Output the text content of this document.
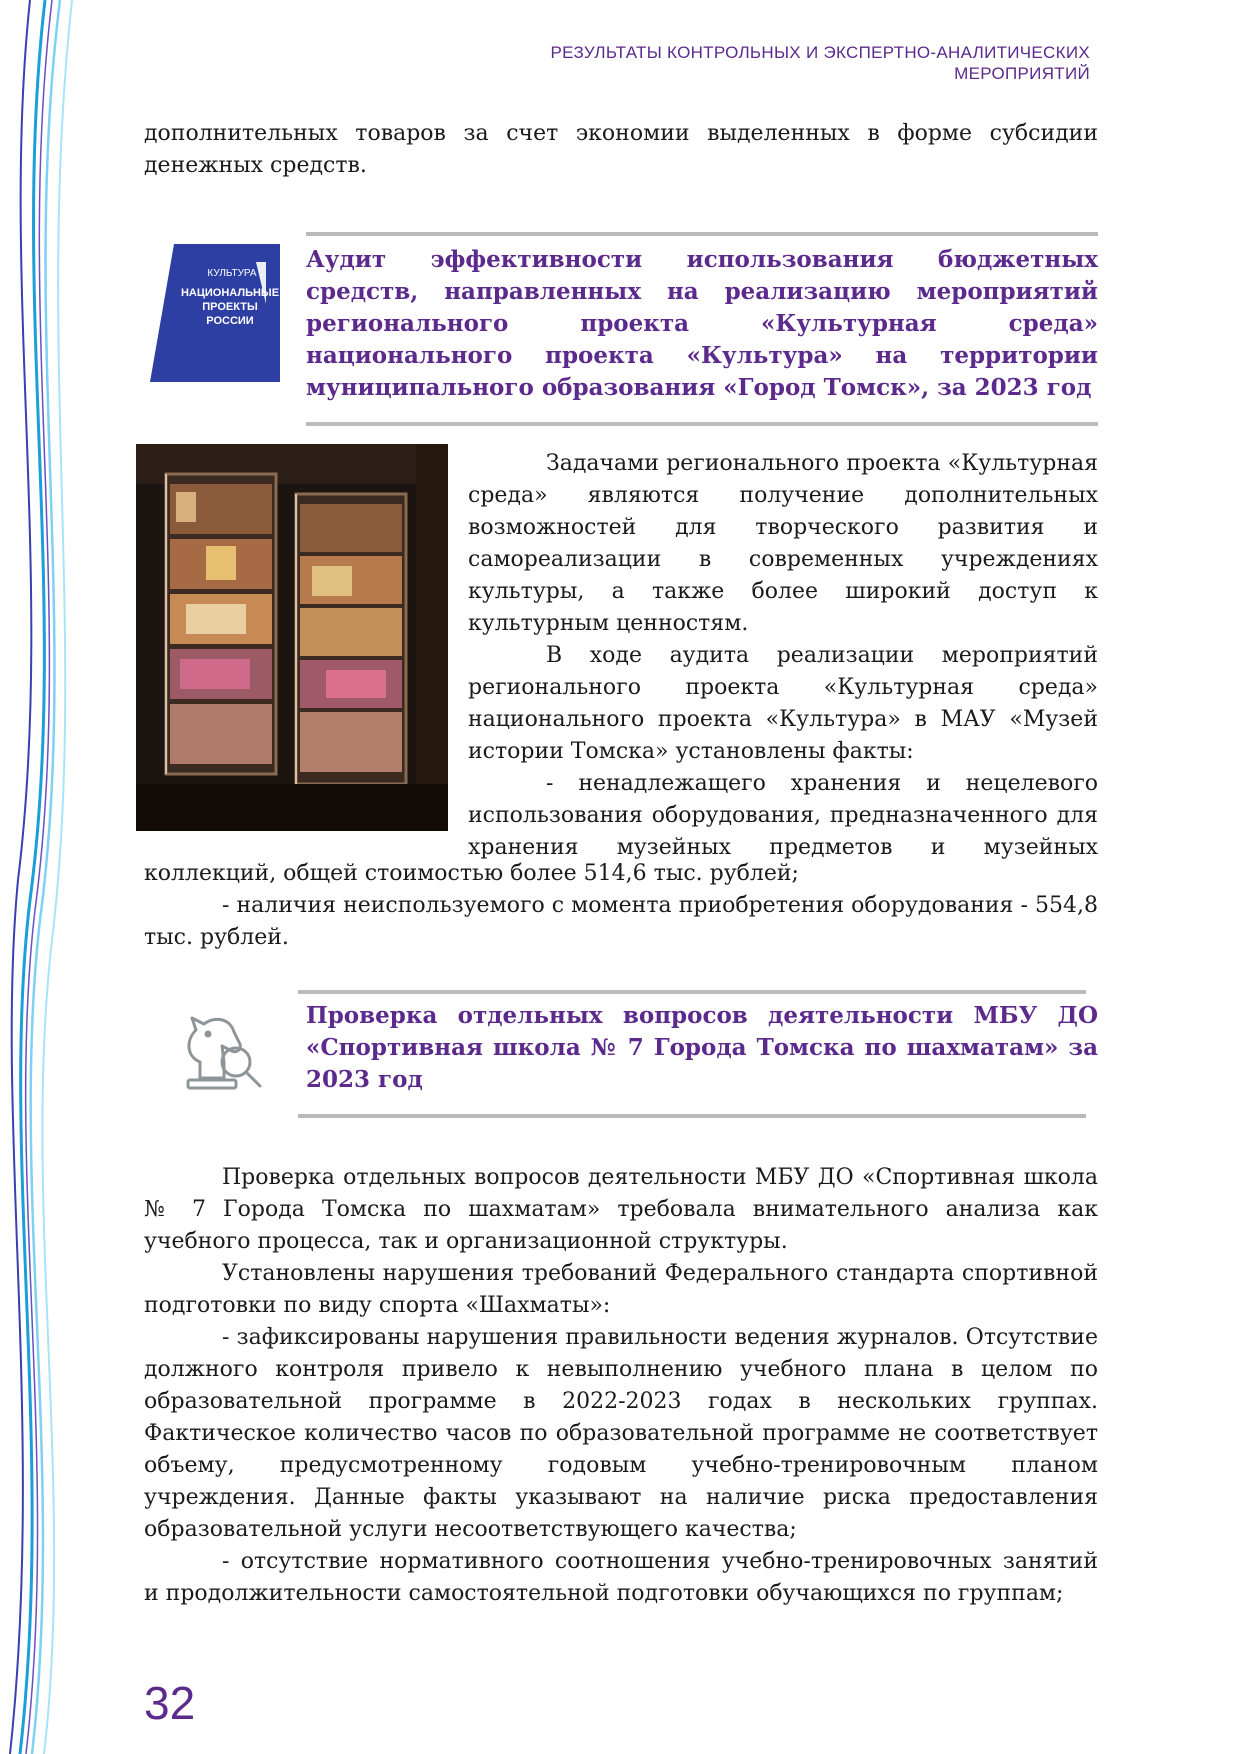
РЕЗУЛЬТАТЫ КОНТРОЛЬНЫХ И ЭКСПЕРТНО-АНАЛИТИЧЕСКИХ
МЕРОПРИЯТИЙ

дополнительных товаров за счет экономии выделенных в форме субсидии денежных средств.

КУЛЬТУРА
НАЦИОНАЛЬНЫЕ
ПРОЕКТЫ
РОССИИ

Аудит эффективности использования бюджетных средств, направленных на реализацию мероприятий регионального проекта «Культурная среда» национального проекта «Культура» на территории муниципального образования «Город Томск», за 2023 год

Задачами регионального проекта «Культурная среда» являются получение дополнительных возможностей для творческого развития и самореализации в современных учреждениях культуры, а также более широкий доступ к культурным ценностям.

В ходе аудита реализации мероприятий регионального проекта «Культурная среда» национального проекта «Культура» в МАУ «Музей истории Томска» установлены факты:

- ненадлежащего хранения и нецелевого использования оборудования, предназначенного для хранения музейных предметов и музейных

коллекций, общей стоимостью более 514,6 тыс. рублей;

- наличия неиспользуемого с момента приобретения оборудования - 554,8 тыс. рублей.

Проверка отдельных вопросов деятельности МБУ ДО «Спортивная школа № 7 Города Томска по шахматам» за 2023 год

Проверка отдельных вопросов деятельности МБУ ДО «Спортивная школа № 7 Города Томска по шахматам» требовала внимательного анализа как учебного процесса, так и организационной структуры.

Установлены нарушения требований Федерального стандарта спортивной подготовки по виду спорта «Шахматы»:

- зафиксированы нарушения правильности ведения журналов. Отсутствие должного контроля привело к невыполнению учебного плана в целом по образовательной программе в 2022-2023 годах в нескольких группах. Фактическое количество часов по образовательной программе не соответствует объему, предусмотренному годовым учебно-тренировочным планом учреждения. Данные факты указывают на наличие риска предоставления образовательной услуги несоответствующего качества;

- отсутствие нормативного соотношения учебно-тренировочных занятий и продолжительности самостоятельной подготовки обучающихся по группам;

32
